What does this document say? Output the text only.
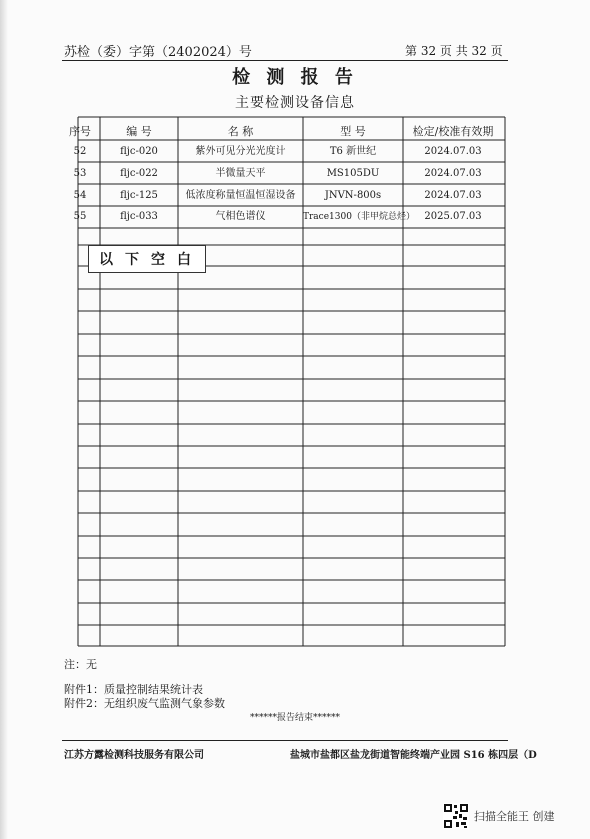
苏检（委）字第（2402024）号	第 32 页 共 32 页
检 测 报 告
主要检测设备信息
序号	编 号	名 称	型 号	检定/校准有效期
52	fljc-020	紫外可见分光光度计	T6 新世纪	2024.07.03
53	fljc-022	半微量天平	MS105DU	2024.07.03
54	fljc-125	低浓度称量恒温恒湿设备	JNVN-800s	2024.07.03
55	fljc-033	气相色谱仪	Trace1300（非甲烷总烃） 2025.07.03
以下空白
注：无
附件1：质量控制结果统计表
附件2：无组织废气监测气象参数
******报告结束******
江苏方露检测科技服务有限公司	盐城市盐都区盐龙街道智能终端产业园 S16 栋四层（D
扫描全能王 创建
